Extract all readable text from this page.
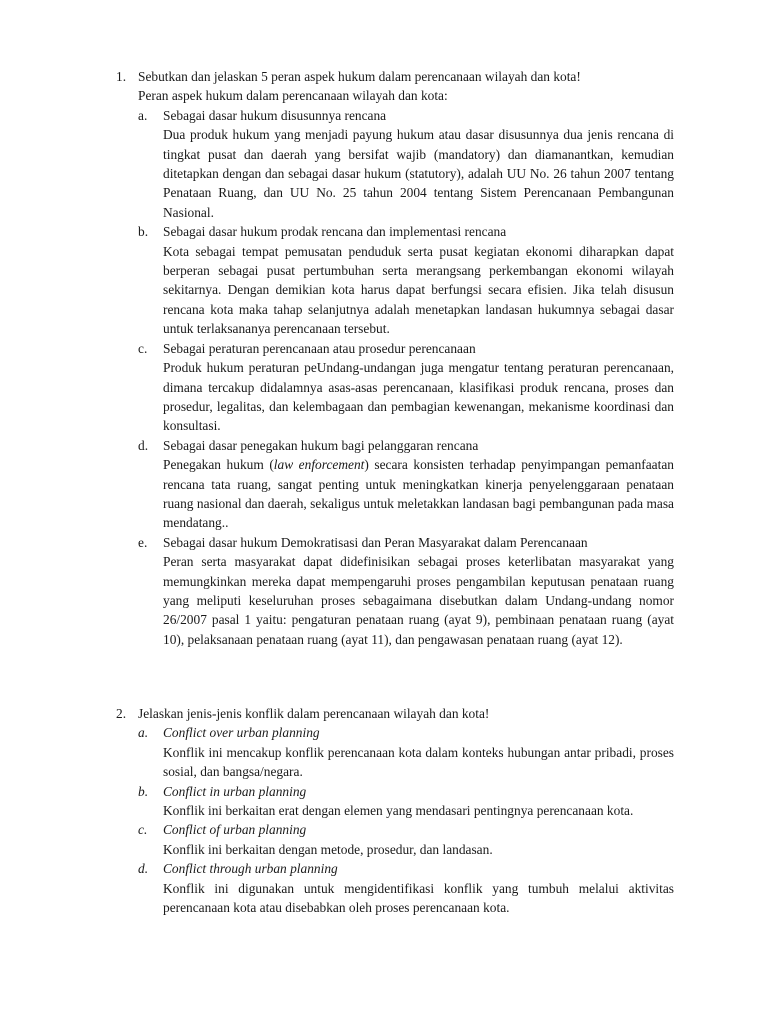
1. Sebutkan dan jelaskan 5 peran aspek hukum dalam perencanaan wilayah dan kota!
Peran aspek hukum dalam perencanaan wilayah dan kota:
a. Sebagai dasar hukum disusunnya rencana
Dua produk hukum yang menjadi payung hukum atau dasar disusunnya dua jenis rencana di tingkat pusat dan daerah yang bersifat wajib (mandatory) dan diamanantkan, kemudian ditetapkan dengan dan sebagai dasar hukum (statutory), adalah UU No. 26 tahun 2007 tentang Penataan Ruang, dan UU No. 25 tahun 2004 tentang Sistem Perencanaan Pembangunan Nasional.
b. Sebagai dasar hukum prodak rencana dan implementasi rencana
Kota sebagai tempat pemusatan penduduk serta pusat kegiatan ekonomi diharapkan dapat berperan sebagai pusat pertumbuhan serta merangsang perkembangan ekonomi wilayah sekitarnya. Dengan demikian kota harus dapat berfungsi secara efisien. Jika telah disusun rencana kota maka tahap selanjutnya adalah menetapkan landasan hukumnya sebagai dasar untuk terlaksananya perencanaan tersebut.
c. Sebagai peraturan perencanaan atau prosedur perencanaan
Produk hukum peraturan peUndang-undangan juga mengatur tentang peraturan perencanaan, dimana tercakup didalamnya asas-asas perencanaan, klasifikasi produk rencana, proses dan prosedur, legalitas, dan kelembagaan dan pembagian kewenangan, mekanisme koordinasi dan konsultasi.
d. Sebagai dasar penegakan hukum bagi pelanggaran rencana
Penegakan hukum (law enforcement) secara konsisten terhadap penyimpangan pemanfaatan rencana tata ruang, sangat penting untuk meningkatkan kinerja penyelenggaraan penataan ruang nasional dan daerah, sekaligus untuk meletakkan landasan bagi pembangunan pada masa mendatang..
e. Sebagai dasar hukum Demokratisasi dan Peran Masyarakat dalam Perencanaan
Peran serta masyarakat dapat didefinisikan sebagai proses keterlibatan masyarakat yang memungkinkan mereka dapat mempengaruhi proses pengambilan keputusan penataan ruang yang meliputi keseluruhan proses sebagaimana disebutkan dalam Undang-undang nomor 26/2007 pasal 1 yaitu: pengaturan penataan ruang (ayat 9), pembinaan penataan ruang (ayat 10), pelaksanaan penataan ruang (ayat 11), dan pengawasan penataan ruang (ayat 12).
2. Jelaskan jenis-jenis konflik dalam perencanaan wilayah dan kota!
a. Conflict over urban planning
Konflik ini mencakup konflik perencanaan kota dalam konteks hubungan antar pribadi, proses sosial, dan bangsa/negara.
b. Conflict in urban planning
Konflik ini berkaitan erat dengan elemen yang mendasari pentingnya perencanaan kota.
c. Conflict of urban planning
Konflik ini berkaitan dengan metode, prosedur, dan landasan.
d. Conflict through urban planning
Konflik ini digunakan untuk mengidentifikasi konflik yang tumbuh melalui aktivitas perencanaan kota atau disebabkan oleh proses perencanaan kota.
